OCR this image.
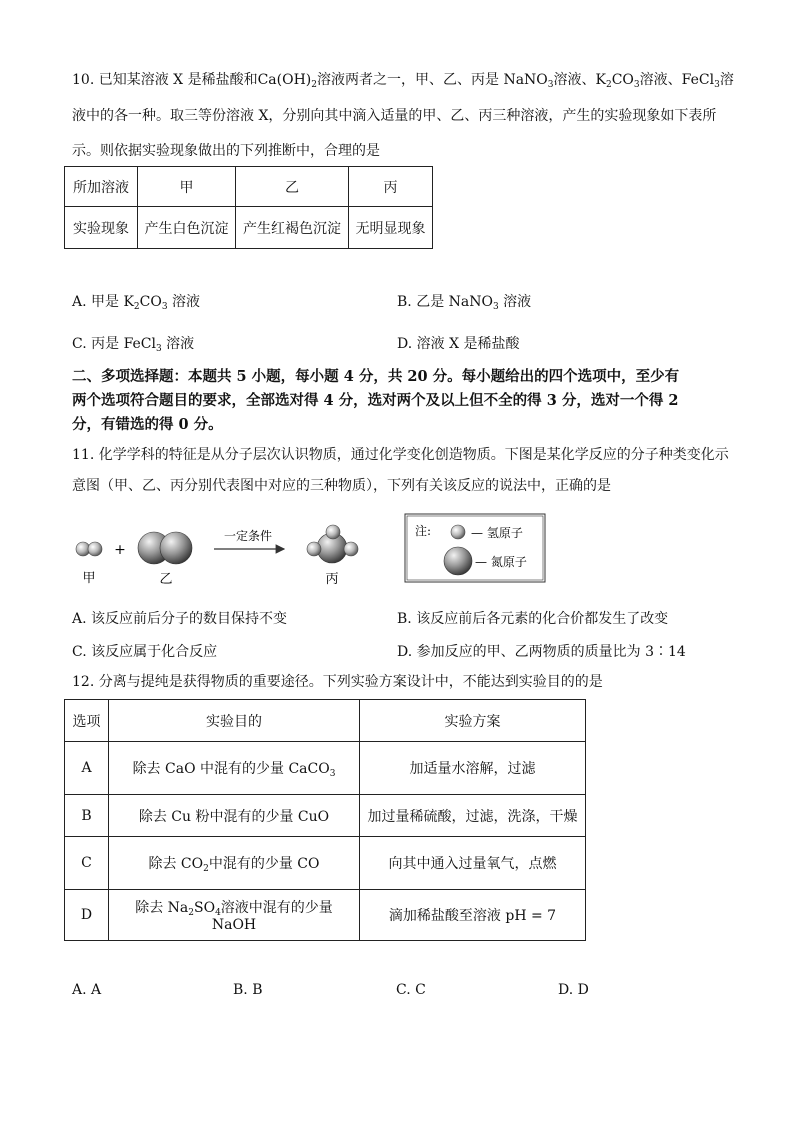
10. 已知某溶液 X 是稀盐酸和$Ca(OH)_2$溶液两者之一，甲、乙、丙是 NaNO$_3$溶液、$K_2CO_3$溶液、FeCl$_3$溶
液中的各一种。取三等份溶液 X，分别向其中滴入适量的甲、乙、丙三种溶液，产生的实验现象如下表所
示。则依据实验现象做出的下列推断中，合理的是
所加溶液	甲	乙	丙
实验现象	产生白色沉淀	产生红褐色沉淀	无明显现象
A. 甲是 $K_2CO_3$ 溶液	B. 乙是 NaNO$_3$ 溶液
C. 丙是 FeCl$_3$ 溶液	D. 溶液 X 是稀盐酸
二、多项选择题：本题共 5 小题，每小题 4 分，共 20 分。每小题给出的四个选项中，至少有
两个选项符合题目的要求，全部选对得 4 分，选对两个及以上但不全的得 3 分，选对一个得 2
分，有错选的得 0 分。
11. 化学学科的特征是从分子层次认识物质，通过化学变化创造物质。下图是某化学反应的分子种类变化示
意图（甲、乙、丙分别代表图中对应的三种物质），下列有关该反应的说法中，正确的是
甲
+
乙
一定条件
丙
注:	— 氢原子
— 氮原子
A. 该反应前后分子的数目保持不变	B. 该反应前后各元素的化合价都发生了改变
C. 该反应属于化合反应	D. 参加反应的甲、乙两物质的质量比为 3∶14
12. 分离与提纯是获得物质的重要途径。下列实验方案设计中，不能达到实验目的的是
选项	实验目的	实验方案
A	除去 CaO 中混有的少量 CaCO$_3$	加适量水溶解，过滤
B	除去 Cu 粉中混有的少量 CuO	加过量稀硫酸，过滤，洗涤，干燥
C	除去 $CO_2$中混有的少量 CO	向其中通入过量氧气，点燃
D	除去 $Na_2SO_4$溶液中混有的少量 NaOH	滴加稀盐酸至溶液 pH = 7
A. A	B. B	C. C	D. D
